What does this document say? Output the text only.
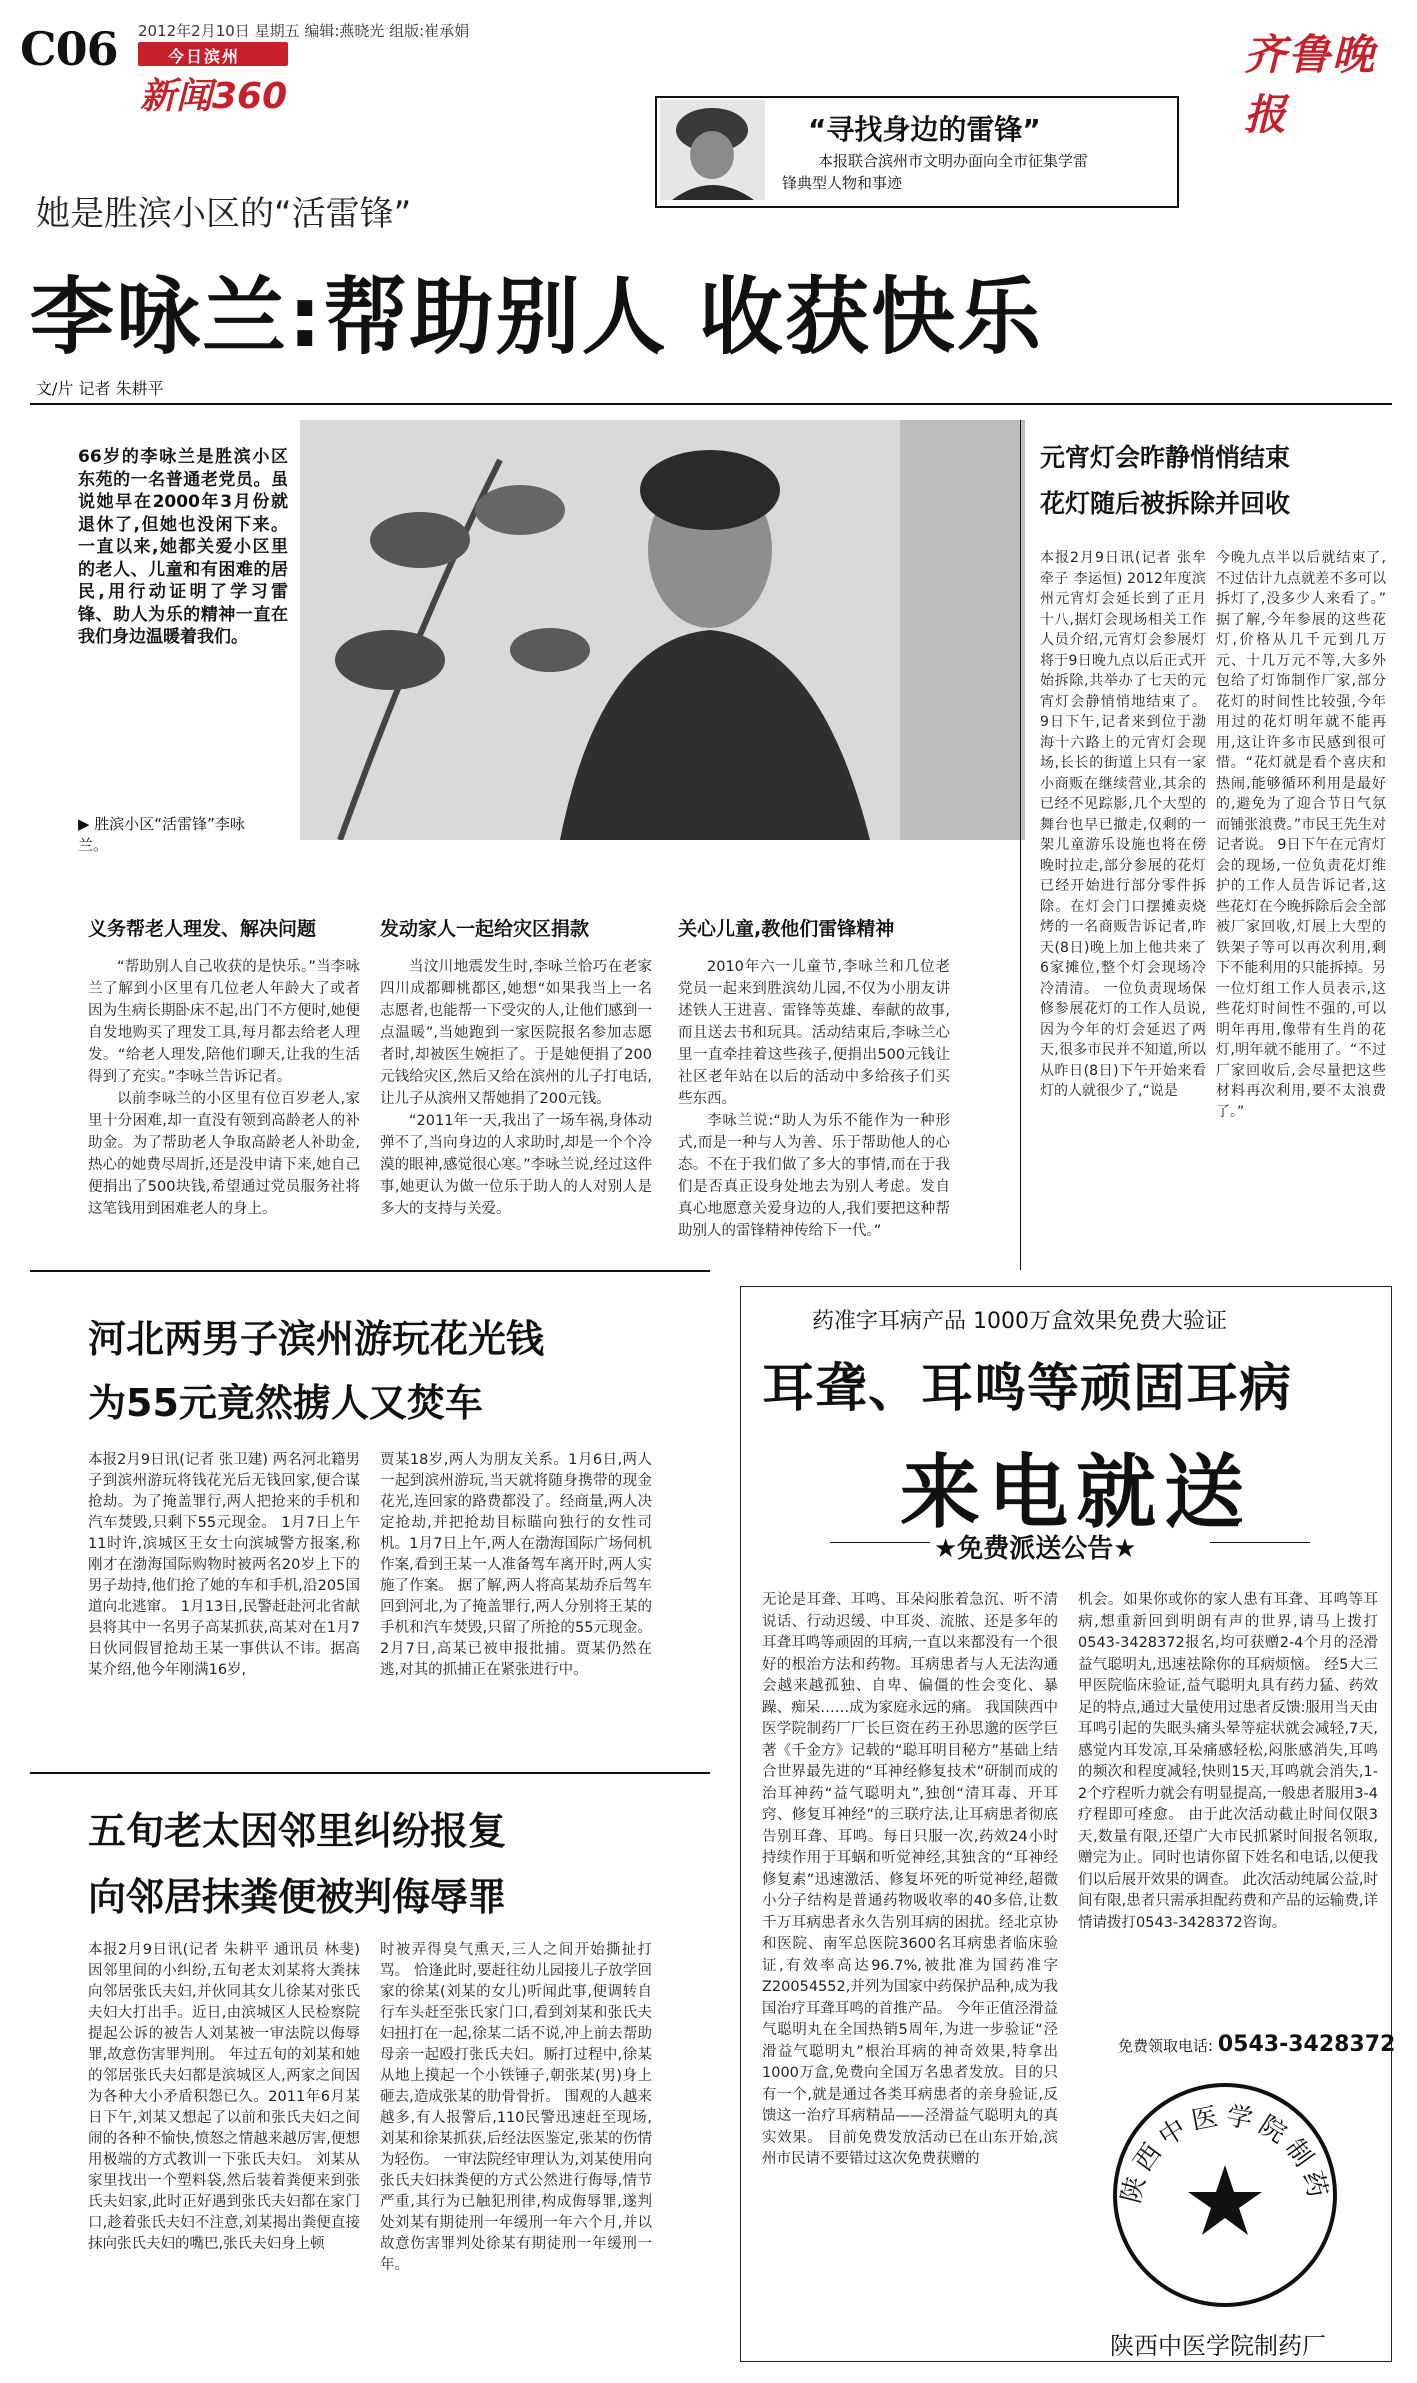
C06 2012年2月10日 星期五 编辑:燕晓光 组版:崔承娟
今日滨州
新闻360
齐鲁晚报
“寻找身边的雷锋”
本报联合滨州市文明办面向全市征集学雷
锋典型人物和事迹
她是胜滨小区的“活雷锋”
李咏兰:帮助别人 收获快乐
文/片 记者 朱耕平
66岁的李咏兰是胜滨小区东苑的一名普通老党员。虽说她早在2000年3月份就退休了,但她也没闲下来。一直以来,她都关爱小区里的老人、儿童和有困难的居民,用行动证明了学习雷锋、助人为乐的精神一直在我们身边温暖着我们。
▶ 胜滨小区“活雷锋”李咏兰。
义务帮老人理发、解决问题	发动家人一起给灾区捐款	关心儿童,教他们雷锋精神

“帮助别人自己收获的是快乐。”当李咏兰了解到小区里有几位老人年龄大了或者因为生病长期卧床不起,出门不方便时,她便自发地购买了理发工具,每月都去给老人理发。“给老人理发,陪他们聊天,让我的生活得到了充实。”李咏兰告诉记者。

以前李咏兰的小区里有位百岁老人,家里十分困难,却一直没有领到高龄老人的补助金。为了帮助老人争取高龄老人补助金,热心的她费尽周折,还是没申请下来,她自己便捐出了500块钱,希望通过党员服务社将这笔钱用到困难老人的身上。

当汶川地震发生时,李咏兰恰巧在老家四川成都卿桃都区,她想“如果我当上一名志愿者,也能帮一下受灾的人,让他们感到一点温暖”,当她跑到一家医院报名参加志愿者时,却被医生婉拒了。于是她便捐了200元钱给灾区,然后又给在滨州的儿子打电话,让儿子从滨州又帮她捐了200元钱。

“2011年一天,我出了一场车祸,身体动弹不了,当向身边的人求助时,却是一个个冷漠的眼神,感觉很心寒。”李咏兰说,经过这件事,她更认为做一位乐于助人的人对别人是多大的支持与关爱。

2010年六一儿童节,李咏兰和几位老党员一起来到胜滨幼儿园,不仅为小朋友讲述铁人王进喜、雷锋等英雄、奉献的故事,而且送去书和玩具。活动结束后,李咏兰心里一直牵挂着这些孩子,便捐出500元钱让社区老年站在以后的活动中多给孩子们买些东西。

李咏兰说:“助人为乐不能作为一种形式,而是一种与人为善、乐于帮助他人的心态。不在于我们做了多大的事情,而在于我们是否真正设身处地去为别人考虑。发自真心地愿意关爱身边的人,我们要把这种帮助别人的雷锋精神传给下一代。”

元宵灯会昨静悄悄结束
花灯随后被拆除并回收

本报2月9日讯(记者 张牟牵子 李运恒) 2012年度滨州元宵灯会延长到了正月十八,据灯会现场相关工作人员介绍,元宵灯会参展灯将于9日晚九点以后正式开始拆除,共举办了七天的元宵灯会静悄悄地结束了。 9日下午,记者来到位于渤海十六路上的元宵灯会现场,长长的街道上只有一家小商贩在继续营业,其余的已经不见踪影,几个大型的舞台也早已撤走,仅剩的一架儿童游乐设施也将在傍晚时拉走,部分参展的花灯已经开始进行部分零件拆除。在灯会门口摆摊卖烧烤的一名商贩告诉记者,昨天(8日)晚上加上他共来了6家摊位,整个灯会现场冷冷清清。 一位负责现场保修参展花灯的工作人员说,因为今年的灯会延迟了两天,很多市民并不知道,所以从昨日(8日)下午开始来看灯的人就很少了,“说是

今晚九点半以后就结束了,不过估计九点就差不多可以拆灯了,没多少人来看了。” 据了解,今年参展的这些花灯,价格从几千元到几万元、十几万元不等,大多外包给了灯饰制作厂家,部分花灯的时间性比较强,今年用过的花灯明年就不能再用,这让许多市民感到很可惜。“花灯就是看个喜庆和热闹,能够循环利用是最好的,避免为了迎合节日气氛而铺张浪费。”市民王先生对记者说。 9日下午在元宵灯会的现场,一位负责花灯维护的工作人员告诉记者,这些花灯在今晚拆除后会全部被厂家回收,灯展上大型的铁架子等可以再次利用,剩下不能利用的只能拆掉。另一位灯组工作人员表示,这些花灯时间性不强的,可以明年再用,像带有生肖的花灯,明年就不能用了。“不过厂家回收后,会尽量把这些材料再次利用,要不太浪费了。”

河北两男子滨州游玩花光钱
为55元竟然掳人又焚车

本报2月9日讯(记者 张卫建) 两名河北籍男子到滨州游玩将钱花光后无钱回家,便合谋抢劫。为了掩盖罪行,两人把抢来的手机和汽车焚毁,只剩下55元现金。 1月7日上午11时许,滨城区王女士向滨城警方报案,称刚才在渤海国际购物时被两名20岁上下的男子劫持,他们抢了她的车和手机,沿205国道向北逃窜。 1月13日,民警赶赴河北省献县将其中一名男子高某抓获,高某对在1月7日伙同假冒抢劫王某一事供认不讳。据高某介绍,他今年刚满16岁,

贾某18岁,两人为朋友关系。1月6日,两人一起到滨州游玩,当天就将随身携带的现金花光,连回家的路费都没了。经商量,两人决定抢劫,并把抢劫目标瞄向独行的女性司机。1月7日上午,两人在渤海国际广场伺机作案,看到王某一人准备驾车离开时,两人实施了作案。 据了解,两人将高某劫乔后驾车回到河北,为了掩盖罪行,两人分别将王某的手机和汽车焚毁,只留了所抢的55元现金。2月7日,高某已被申报批捕。贾某仍然在逃,对其的抓捕正在紧张进行中。

五旬老太因邻里纠纷报复
向邻居抹粪便被判侮辱罪

本报2月9日讯(记者 朱耕平 通讯员 林斐) 因邻里间的小纠纷,五旬老太刘某将大粪抹向邻居张氏夫妇,并伙同其女儿徐某对张氏夫妇大打出手。近日,由滨城区人民检察院提起公诉的被告人刘某被一审法院以侮辱罪,故意伤害罪判刑。 年过五旬的刘某和她的邻居张氏夫妇都是滨城区人,两家之间因为各种大小矛盾积怨已久。2011年6月某日下午,刘某又想起了以前和张氏夫妇之间闹的各种不愉快,愤怒之情越来越厉害,便想用极端的方式教训一下张氏夫妇。 刘某从家里找出一个塑料袋,然后装着粪便来到张氏夫妇家,此时正好遇到张氏夫妇都在家门口,趁着张氏夫妇不注意,刘某揭出粪便直接抹向张氏夫妇的嘴巴,张氏夫妇身上顿

时被弄得臭气熏天,三人之间开始撕扯打骂。 恰逢此时,要赶往幼儿园接儿子放学回家的徐某(刘某的女儿)听闻此事,便调转自行车头赶至张氏家门口,看到刘某和张氏夫妇扭打在一起,徐某二话不说,冲上前去帮助母亲一起殴打张氏夫妇。厮打过程中,徐某从地上摸起一个小铁锤子,朝张某(男)身上砸去,造成张某的肋骨骨折。 围观的人越来越多,有人报警后,110民警迅速赶至现场,刘某和徐某抓获,后经法医鉴定,张某的伤情为轻伤。 一审法院经审理认为,刘某使用向张氏夫妇抹粪便的方式公然进行侮辱,情节严重,其行为已触犯刑律,构成侮辱罪,遂判处刘某有期徒刑一年缓刑一年六个月,并以故意伤害罪判处徐某有期徒刑一年缓刑一年。

药准字耳病产品 1000万盒效果免费大验证
耳聋、耳鸣等顽固耳病
来电就送
★免费派送公告★

无论是耳聋、耳鸣、耳朵闷胀着急沉、听不清说话、行动迟缓、中耳炎、流脓、还是多年的耳聋耳鸣等顽固的耳病,一直以来都没有一个很好的根治方法和药物。耳病患者与人无法沟通会越来越孤独、自卑、偏僵的性会变化、暴躁、痴呆……成为家庭永远的痛。 我国陕西中医学院制药厂厂长巨资在药王孙思邈的医学巨著《千金方》记载的“聪耳明目秘方”基础上结合世界最先进的“耳神经修复技术”研制而成的治耳神药“益气聪明丸”,独创“清耳毒、开耳窍、修复耳神经”的三联疗法,让耳病患者彻底告别耳聋、耳鸣。每日只服一次,药效24小时持续作用于耳蜗和听觉神经,其独含的“耳神经修复素”迅速激活、修复坏死的听觉神经,超微小分子结构是普通药物吸收率的40多倍,让数千万耳病患者永久告别耳病的困扰。经北京协和医院、南军总医院3600名耳病患者临床验证,有效率高达96.7%,被批准为国药准字Z20054552,并列为国家中药保护品种,成为我国治疗耳聋耳鸣的首推产品。 今年正值泾滑益气聪明丸在全国热销5周年,为进一步验证“泾滑益气聪明丸”根治耳病的神奇效果,特拿出1000万盒,免费向全国万名患者发放。目的只有一个,就是通过各类耳病患者的亲身验证,反馈这一治疗耳病精品——泾滑益气聪明丸的真实效果。 目前免费发放活动已在山东开始,滨州市民请不要错过这次免费获赠的

机会。如果你或你的家人患有耳聋、耳鸣等耳病,想重新回到明朗有声的世界,请马上拨打0543-3428372报名,均可获赠2-4个月的泾滑益气聪明丸,迅速祛除你的耳病烦恼。 经5大三甲医院临床验证,益气聪明丸具有药力猛、药效足的特点,通过大量使用过患者反馈:服用当天由耳鸣引起的失眠头痛头晕等症状就会减轻,7天,感觉内耳发凉,耳朵痛感轻松,闷胀感消失,耳鸣的频次和程度减轻,快则15天,耳鸣就会消失,1-2个疗程听力就会有明显提高,一般患者服用3-4疗程即可痊愈。 由于此次活动截止时间仅限3天,数量有限,还望广大市民抓紧时间报名领取,赠完为止。同时也请你留下姓名和电话,以便我们以后展开效果的调查。 此次活动纯属公益,时间有限,患者只需承担配药费和产品的运输费,详情请拨打0543-3428372咨询。

免费领取电话: 0543-3428372
陕西中医学院制药
陕西中医学院制药厂
